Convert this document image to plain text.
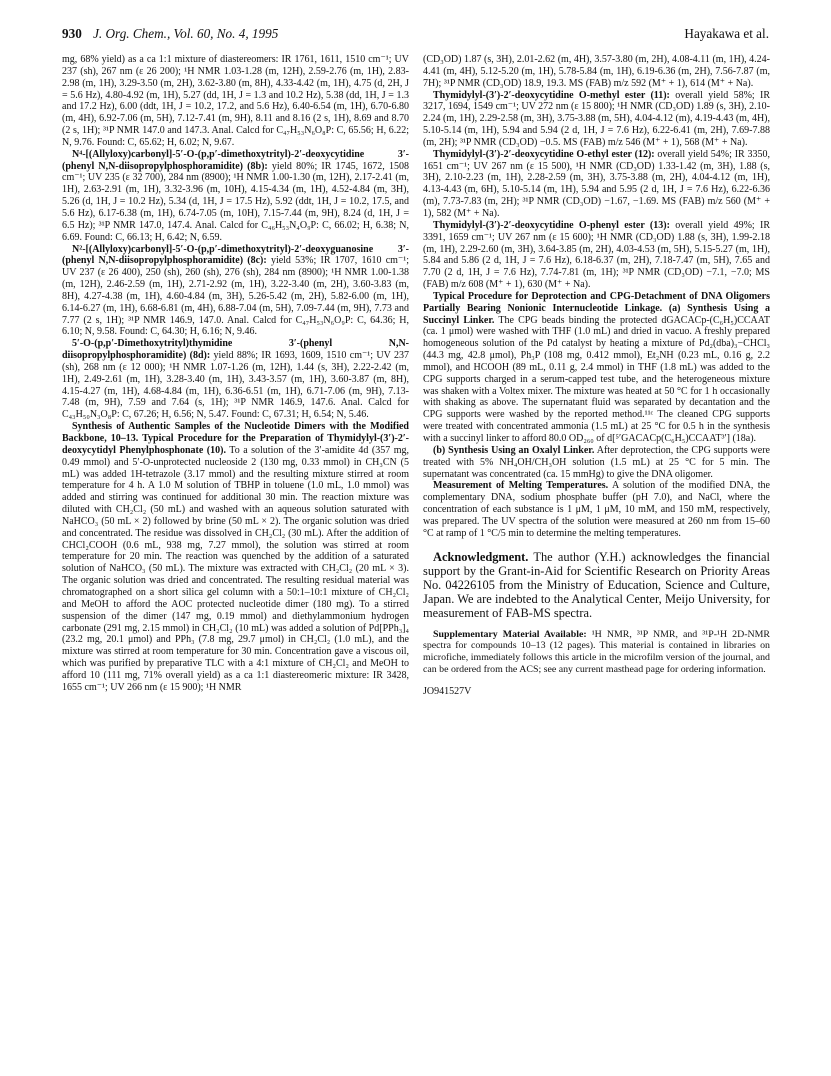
930 J. Org. Chem., Vol. 60, No. 4, 1995	Hayakawa et al.

mg, 68% yield) as a ca 1:1 mixture of diastereomers: IR 1761, 1611, 1510 cm⁻¹; UV 237 (sh), 267 nm (ε 26 200); ¹H NMR 1.03-1.28 (m, 12H), 2.59-2.76 (m, 1H), 2.83-2.98 (m, 1H), 3.29-3.50 (m, 2H), 3.62-3.80 (m, 8H), 4.33-4.42 (m, 1H), 4.75 (d, 2H, J = 5.6 Hz), 4.80-4.92 (m, 1H), 5.27 (dd, 1H, J = 1.3 and 10.2 Hz), 5.38 (dd, 1H, J = 1.3 and 17.2 Hz), 6.00 (ddt, 1H, J = 10.2, 17.2, and 5.6 Hz), 6.40-6.54 (m, 1H), 6.70-6.80 (m, 4H), 6.92-7.06 (m, 5H), 7.12-7.41 (m, 9H), 8.11 and 8.16 (2 s, 1H), 8.69 and 8.70 (2 s, 1H); ³¹P NMR 147.0 and 147.3. Anal. Calcd for C₄₇H₅₃N₆O₈P: C, 65.56; H, 6.22; N, 9.76. Found: C, 65.62; H, 6.02; N, 9.67.

N⁴-[(Allyloxy)carbonyl]-5′-O-(p,p′-dimethoxytrityl)-2′-deoxycytidine 3′-(phenyl N,N-diisopropylphosphoramidite) (8b): yield 80%; IR 1745, 1672, 1508 cm⁻¹; UV 235 (ε 32 700), 284 nm (8900); ¹H NMR 1.00-1.30 (m, 12H), 2.17-2.41 (m, 1H), 2.63-2.91 (m, 1H), 3.32-3.96 (m, 10H), 4.15-4.34 (m, 1H), 4.52-4.84 (m, 3H), 5.26 (d, 1H, J = 10.2 Hz), 5.34 (d, 1H, J = 17.5 Hz), 5.92 (ddt, 1H, J = 10.2, 17.5, and 5.6 Hz), 6.17-6.38 (m, 1H), 6.74-7.05 (m, 10H), 7.15-7.44 (m, 9H), 8.24 (d, 1H, J = 6.5 Hz); ³¹P NMR 147.0, 147.4. Anal. Calcd for C₄₆H₅₃N₄O₉P: C, 66.02; H, 6.38; N, 6.69. Found: C, 66.13; H, 6.42; N, 6.59.

N²-[(Allyloxy)carbonyl]-5′-O-(p,p′-dimethoxytrityl)-2′-deoxyguanosine 3′-(phenyl N,N-diisopropylphosphoramidite) (8c): yield 53%; IR 1707, 1610 cm⁻¹; UV 237 (ε 26 400), 250 (sh), 260 (sh), 276 (sh), 284 nm (8900); ¹H NMR 1.00-1.38 (m, 12H), 2.46-2.59 (m, 1H), 2.71-2.92 (m, 1H), 3.22-3.40 (m, 2H), 3.60-3.83 (m, 8H), 4.27-4.38 (m, 1H), 4.60-4.84 (m, 3H), 5.26-5.42 (m, 2H), 5.82-6.00 (m, 1H), 6.14-6.27 (m, 1H), 6.68-6.81 (m, 4H), 6.88-7.04 (m, 5H), 7.09-7.44 (m, 9H), 7.73 and 7.77 (2 s, 1H); ³¹P NMR 146.9, 147.0. Anal. Calcd for C₄₇H₅₃N₆O₉P: C, 64.36; H, 6.10; N, 9.58. Found: C, 64.30; H, 6.16; N, 9.46.

5′-O-(p,p′-Dimethoxytrityl)thymidine 3′-(phenyl N,N-diisopropylphosphoramidite) (8d): yield 88%; IR 1693, 1609, 1510 cm⁻¹; UV 237 (sh), 268 nm (ε 12 000); ¹H NMR 1.07-1.26 (m, 12H), 1.44 (s, 3H), 2.22-2.42 (m, 1H), 2.49-2.61 (m, 1H), 3.28-3.40 (m, 1H), 3.43-3.57 (m, 1H), 3.60-3.87 (m, 8H), 4.15-4.27 (m, 1H), 4.68-4.84 (m, 1H), 6.36-6.51 (m, 1H), 6.71-7.06 (m, 9H), 7.13-7.48 (m, 9H), 7.59 and 7.64 (s, 1H); ³¹P NMR 146.9, 147.6. Anal. Calcd for C₄₃H₅₀N₃O₈P: C, 67.26; H, 6.56; N, 5.47. Found: C, 67.31; H, 6.54; N, 5.46.

Synthesis of Authentic Samples of the Nucleotide Dimers with the Modified Backbone, 10–13. Typical Procedure for the Preparation of Thymidylyl-(3′)-2′-deoxycytidyl Phenylphosphonate (10). To a solution of the 3′-amidite 4d (357 mg, 0.49 mmol) and 5′-O-unprotected nucleoside 2 (130 mg, 0.33 mmol) in CH₃CN (5 mL) was added 1H-tetrazole (3.17 mmol) and the resulting mixture stirred at room temperature for 4 h. A 1.0 M solution of TBHP in toluene (1.0 mL, 1.0 mmol) was added and stirring was continued for additional 30 min. The reaction mixture was diluted with CH₂Cl₂ (50 mL) and washed with an aqueous solution saturated with NaHCO₃ (50 mL × 2) followed by brine (50 mL × 2). The organic solution was dried and concentrated. The residue was dissolved in CH₂Cl₂ (30 mL). After the addition of CHCl₂COOH (0.6 mL, 938 mg, 7.27 mmol), the solution was stirred at room temperature for 20 min. The reaction was quenched by the addition of a saturated solution of NaHCO₃ (50 mL). The mixture was extracted with CH₂Cl₂ (20 mL × 3). The organic solution was dried and concentrated. The resulting residual material was chromatographed on a short silica gel column with a 50:1–10:1 mixture of CH₂Cl₂ and MeOH to afford the AOC protected nucleotide dimer (180 mg). To a stirred suspension of the dimer (147 mg, 0.19 mmol) and diethylammonium hydrogen carbonate (291 mg, 2.15 mmol) in CH₂Cl₂ (10 mL) was added a solution of Pd[PPh₃]₄ (23.2 mg, 20.1 μmol) and PPh₃ (7.8 mg, 29.7 μmol) in CH₂Cl₂ (1.0 mL), and the mixture was stirred at room temperature for 30 min. Concentration gave a viscous oil, which was purified by preparative TLC with a 4:1 mixture of CH₂Cl₂ and MeOH to afford 10 (111 mg, 71% overall yield) as a ca 1:1 diastereomeric mixture: IR 3428, 1655 cm⁻¹; UV 266 nm (ε 15 900); ¹H NMR

(CD₃OD) 1.87 (s, 3H), 2.01-2.62 (m, 4H), 3.57-3.80 (m, 2H), 4.08-4.11 (m, 1H), 4.24-4.41 (m, 4H), 5.12-5.20 (m, 1H), 5.78-5.84 (m, 1H), 6.19-6.36 (m, 2H), 7.56-7.87 (m, 7H); ³¹P NMR (CD₃OD) 18.9, 19.3. MS (FAB) m/z 592 (M⁺ + 1), 614 (M⁺ + Na).

Thymidylyl-(3′)-2′-deoxycytidine O-methyl ester (11): overall yield 58%; IR 3217, 1694, 1549 cm⁻¹; UV 272 nm (ε 15 800); ¹H NMR (CD₃OD) 1.89 (s, 3H), 2.10-2.24 (m, 1H), 2.29-2.58 (m, 3H), 3.75-3.88 (m, 5H), 4.04-4.12 (m), 4.19-4.43 (m, 4H), 5.10-5.14 (m, 1H), 5.94 and 5.94 (2 d, 1H, J = 7.6 Hz), 6.22-6.41 (m, 2H), 7.69-7.88 (m, 2H); ³¹P NMR (CD₃OD) −0.5. MS (FAB) m/z 546 (M⁺ + 1), 568 (M⁺ + Na).

Thymidylyl-(3′)-2′-deoxycytidine O-ethyl ester (12): overall yield 54%; IR 3350, 1651 cm⁻¹; UV 267 nm (ε 15 500), ¹H NMR (CD₃OD) 1.33-1.42 (m, 3H), 1.88 (s, 3H), 2.10-2.23 (m, 1H), 2.28-2.59 (m, 3H), 3.75-3.88 (m, 2H), 4.04-4.12 (m, 1H), 4.13-4.43 (m, 6H), 5.10-5.14 (m, 1H), 5.94 and 5.95 (2 d, 1H, J = 7.6 Hz), 6.22-6.36 (m), 7.73-7.83 (m, 2H); ³¹P NMR (CD₃OD) −1.67, −1.69. MS (FAB) m/z 560 (M⁺ + 1), 582 (M⁺ + Na).

Thymidylyl-(3′)-2′-deoxycytidine O-phenyl ester (13): overall yield 49%; IR 3391, 1659 cm⁻¹; UV 267 nm (ε 15 600); ¹H NMR (CD₃OD) 1.88 (s, 3H), 1.99-2.18 (m, 1H), 2.29-2.60 (m, 3H), 3.64-3.85 (m, 2H), 4.03-4.53 (m, 5H), 5.15-5.27 (m, 1H), 5.84 and 5.86 (2 d, 1H, J = 7.6 Hz), 6.18-6.37 (m, 2H), 7.18-7.47 (m, 5H), 7.65 and 7.70 (2 d, 1H, J = 7.6 Hz), 7.74-7.81 (m, 1H); ³¹P NMR (CD₃OD) −7.1, −7.0; MS (FAB) m/z 608 (M⁺ + 1), 630 (M⁺ + Na).

Typical Procedure for Deprotection and CPG-Detachment of DNA Oligomers Partially Bearing Nonionic Internucleotide Linkage. (a) Synthesis Using a Succinyl Linker. The CPG beads binding the protected dGACACp-(C₆H₅)CCAAT (ca. 1 μmol) were washed with THF (1.0 mL) and dried in vacuo. A freshly prepared homogeneous solution of the Pd catalyst by heating a mixture of Pd₂(dba)₃−CHCl₃ (44.3 mg, 42.8 μmol), Ph₃P (108 mg, 0.412 mmol), Et₂NH (0.23 mL, 0.16 g, 2.2 mmol), and HCOOH (89 mL, 0.11 g, 2.4 mmol) in THF (1.8 mL) was added to the CPG supports charged in a serum-capped test tube, and the heterogeneous mixture was shaken with a Voltex mixer. The mixture was heated at 50 °C for 1 h occasionally with shaking as above. The supernatant fluid was separated by decantation and the CPG supports were washed by the reported method.¹¹ᶜ The cleaned CPG supports were treated with concentrated ammonia (1.5 mL) at 25 °C for 0.5 h in the synthesis with a succinyl linker to afford 80.0 OD₂₆₀ of d[⁵′GACACp(C₆H₅)CCAAT³′] (18a).

(b) Synthesis Using an Oxalyl Linker. After deprotection, the CPG supports were treated with 5% NH₄OH/CH₃OH solution (1.5 mL) at 25 °C for 5 min. The supernatant was concentrated (ca. 15 mmHg) to give the DNA oligomer.

Measurement of Melting Temperatures. A solution of the modified DNA, the complementary DNA, sodium phosphate buffer (pH 7.0), and NaCl, where the concentration of each substance is 1 μM, 1 μM, 10 mM, and 150 mM, respectively, was prepared. The UV spectra of the solution were measured at 260 nm from 15–60 °C at ramp of 1 °C/5 min to determine the melting temperatures.

Acknowledgment. The author (Y.H.) acknowledges the financial support by the Grant-in-Aid for Scientific Research on Priority Areas No. 04226105 from the Ministry of Education, Science and Culture, Japan. We are indebted to the Analytical Center, Meijo University, for measurement of FAB-MS spectra.

Supplementary Material Available: ¹H NMR, ³¹P NMR, and ³¹P-¹H 2D-NMR spectra for compounds 10–13 (12 pages). This material is contained in libraries on microfiche, immediately follows this article in the microfilm version of the journal, and can be ordered from the ACS; see any current masthead page for ordering information.

JO941527V
